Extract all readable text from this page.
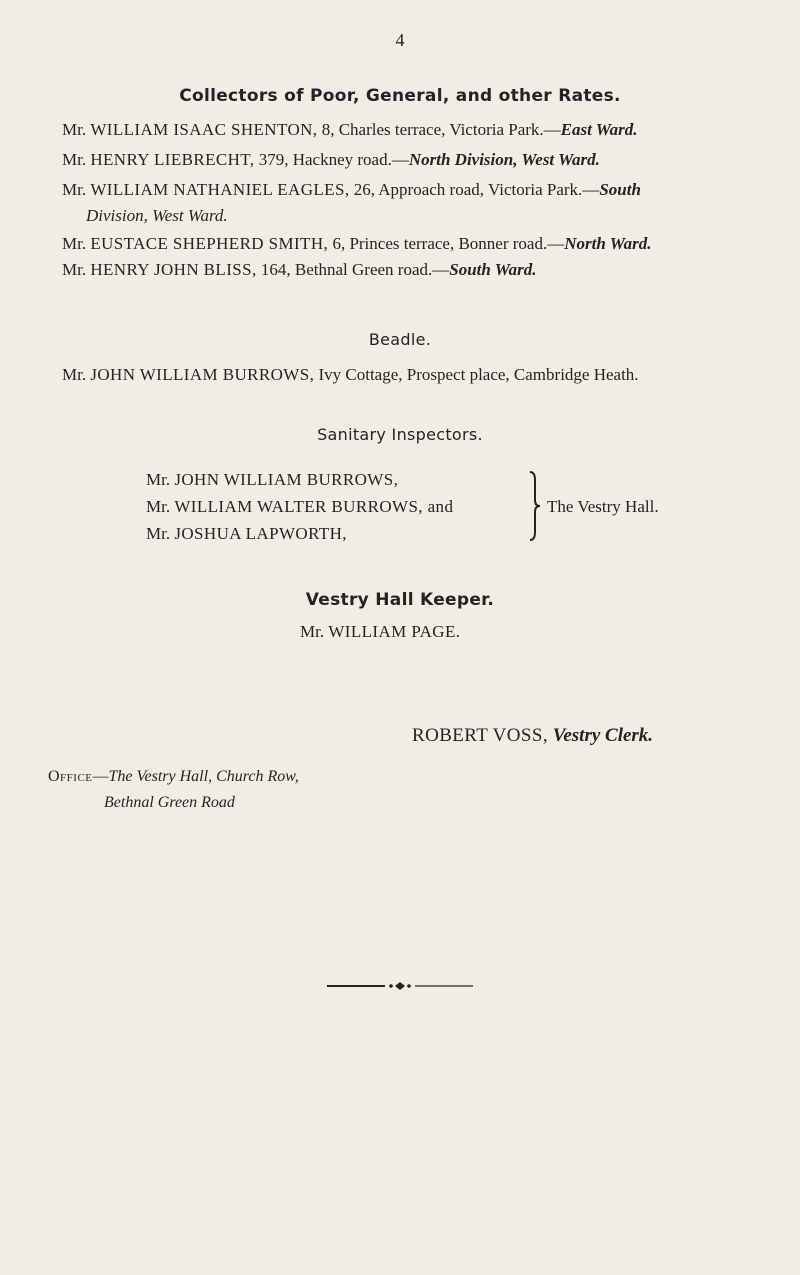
4
Collectors of Poor, General, and other Rates.
Mr. WILLIAM ISAAC SHENTON, 8, Charles terrace, Victoria Park.—East Ward.
Mr. HENRY LIEBRECHT, 379, Hackney road.—North Division, West Ward.
Mr. WILLIAM NATHANIEL EAGLES, 26, Approach road, Victoria Park.—South
Division, West Ward.
Mr. EUSTACE SHEPHERD SMITH, 6, Princes terrace, Bonner road.—North Ward.
Mr. HENRY JOHN BLISS, 164, Bethnal Green road.—South Ward.
Beadle.
Mr. JOHN WILLIAM BURROWS, Ivy Cottage, Prospect place, Cambridge Heath.
Sanitary Inspectors.
Mr. JOHN WILLIAM BURROWS,
Mr. WILLIAM WALTER BURROWS, and
Mr. JOSHUA LAPWORTH,
The Vestry Hall.
Vestry Hall Keeper.
Mr. WILLIAM PAGE.
ROBERT VOSS, Vestry Clerk.
Office—The Vestry Hall, Church Row,
Bethnal Green Road
